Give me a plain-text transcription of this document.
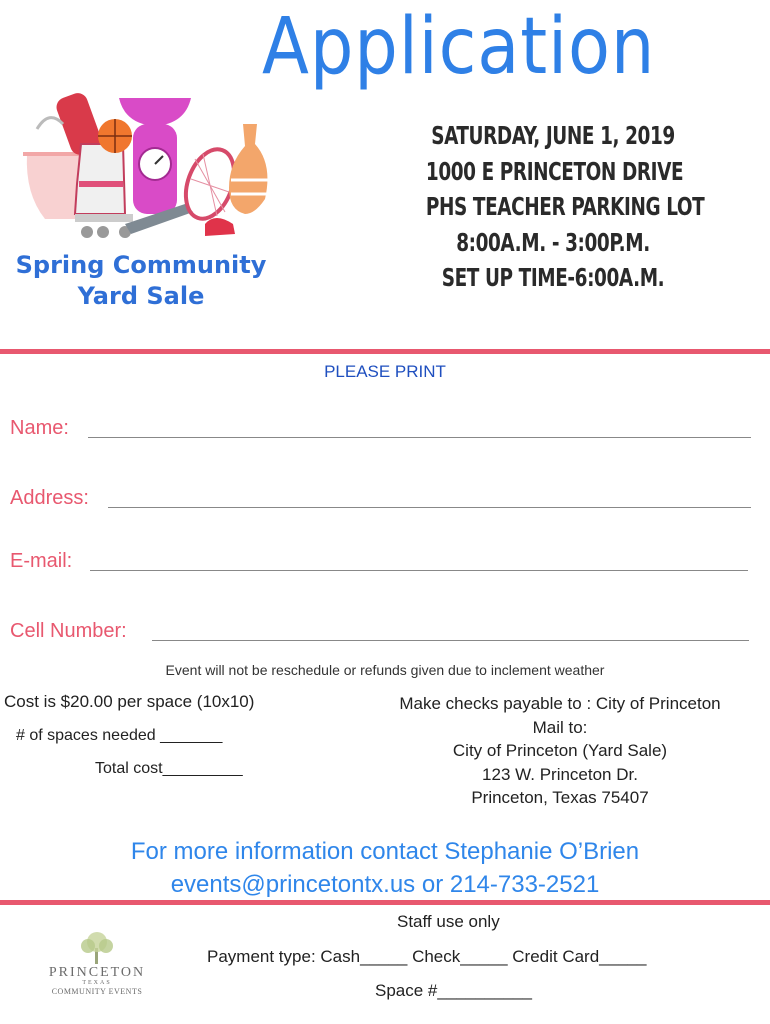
Application
Spring Community
Yard Sale
SATURDAY, JUNE 1, 2019
1000 E PRINCETON DRIVE
PHS TEACHER PARKING LOT
8:00A.M. - 3:00P.M.
SET UP TIME-6:00A.M.
PLEASE PRINT
Name:
Address:
E-mail:
Cell Number:
Event will not be reschedule or refunds given due to inclement weather
Cost is $20.00 per space (10x10)
# of spaces needed _______
Total cost_________
Make checks payable to : City of Princeton
Mail to:
City of Princeton (Yard Sale)
123 W. Princeton Dr.
Princeton, Texas 75407
For more information contact Stephanie O’Brien
events@princetontx.us or 214-733-2521
Staff use only
Payment type: Cash_____ Check_____ Credit Card_____
Space #__________
PRINCETON
TEXAS
COMMUNITY EVENTS
